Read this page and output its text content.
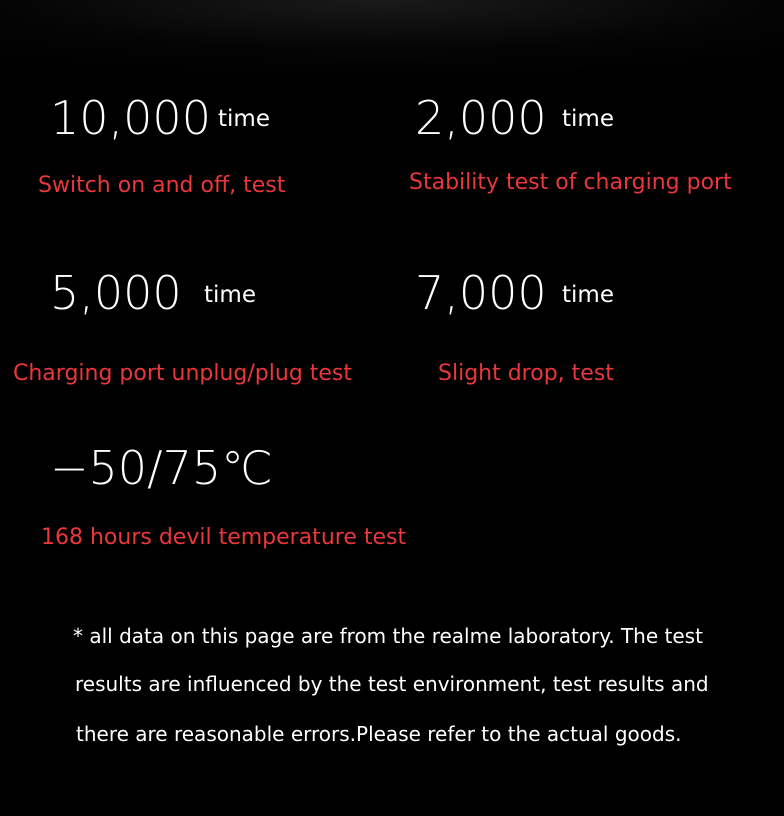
10,000 time
Switch on and off, test
2,000 time
Stability test of charging port
5,000 time
Charging port unplug/plug test
7,000 time
Slight drop, test
−50/75℃
168 hours devil temperature test
* all data on this page are from the realme laboratory. The test
results are influenced by the test environment, test results and
there are reasonable errors.Please refer to the actual goods.
